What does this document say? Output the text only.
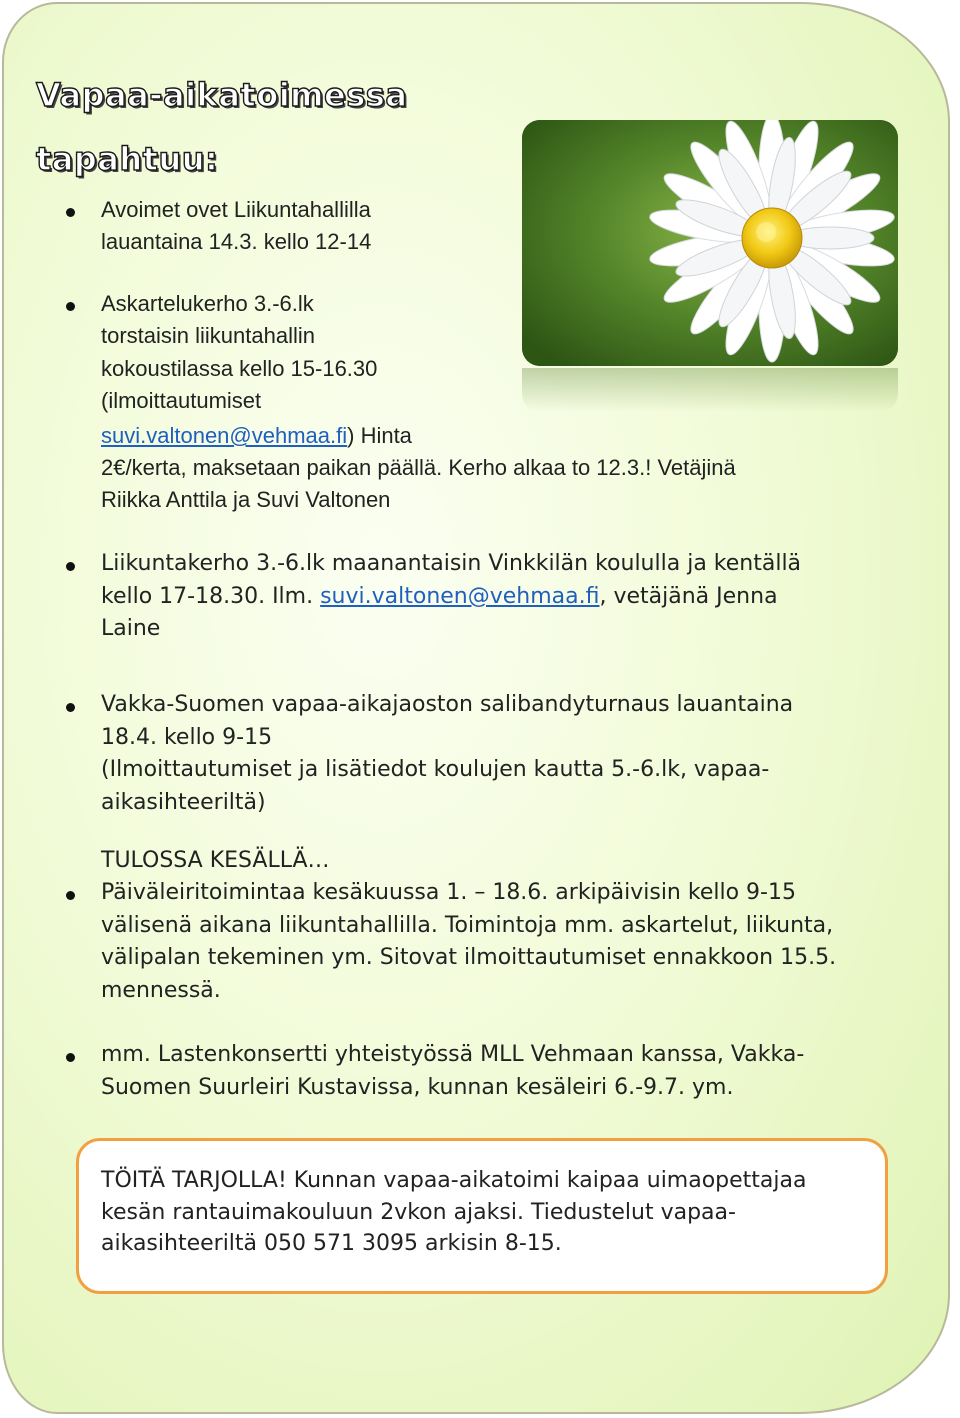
Vapaa-aikatoimessa
tapahtuu:
Avoimet ovet Liikuntahallilla
lauantaina 14.3. kello 12-14
Askartelukerho 3.-6.lk
torstaisin liikuntahallin
kokoustilassa kello 15-16.30
(ilmoittautumiset
suvi.valtonen@vehmaa.fi) Hinta
2€/kerta, maksetaan paikan päällä. Kerho alkaa to 12.3.! Vetäjinä
Riikka Anttila ja Suvi Valtonen
Liikuntakerho 3.-6.lk maanantaisin Vinkkilän koululla ja kentällä
kello 17-18.30. Ilm. suvi.valtonen@vehmaa.fi, vetäjänä Jenna
Laine
Vakka-Suomen vapaa-aikajaoston salibandyturnaus lauantaina
18.4. kello 9-15
(Ilmoittautumiset ja lisätiedot koulujen kautta 5.-6.lk, vapaa-
aikasihteeriltä)
TULOSSA KESÄLLÄ…
Päiväleiritoimintaa kesäkuussa 1. – 18.6. arkipäivisin kello 9-15
välisenä aikana liikuntahallilla. Toimintoja mm. askartelut, liikunta,
välipalan tekeminen ym. Sitovat ilmoittautumiset ennakkoon 15.5.
mennessä.
mm. Lastenkonsertti yhteistyössä MLL Vehmaan kanssa, Vakka-
Suomen Suurleiri Kustavissa, kunnan kesäleiri 6.-9.7. ym.
TÖITÄ TARJOLLA! Kunnan vapaa-aikatoimi kaipaa uimaopettajaa
kesän rantauimakouluun 2vkon ajaksi. Tiedustelut vapaa-
aikasihteeriltä 050 571 3095 arkisin 8-15.
